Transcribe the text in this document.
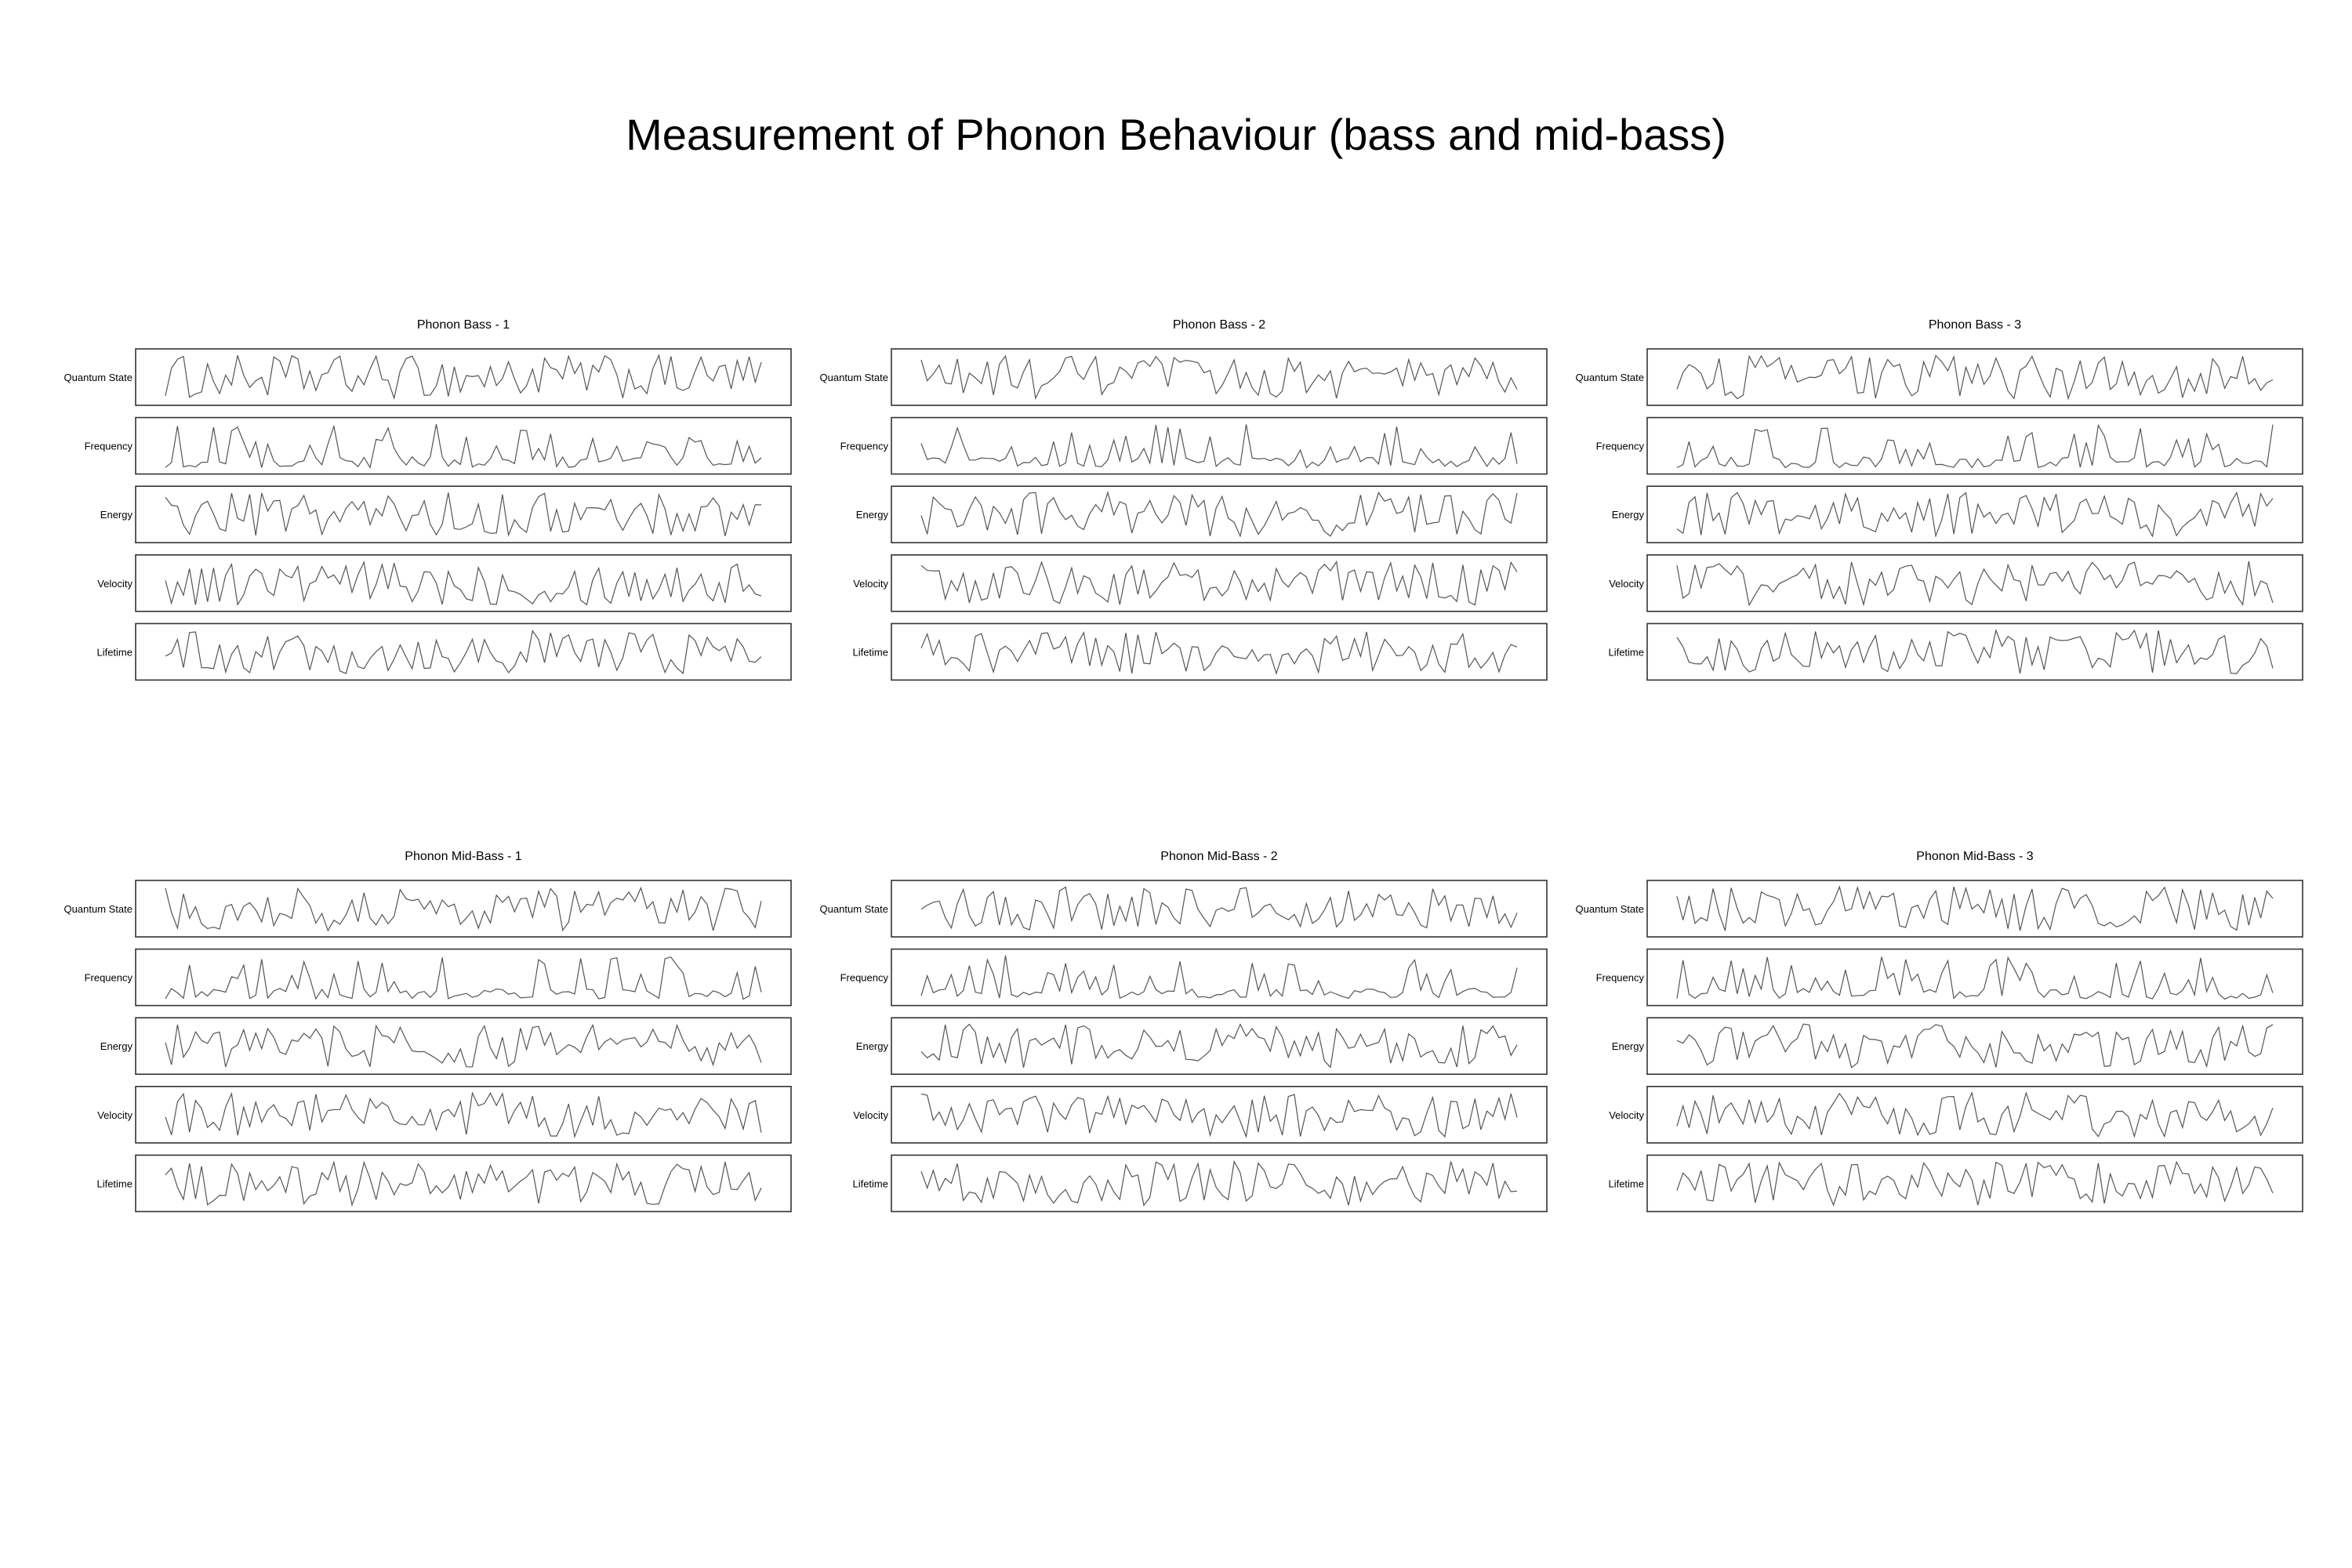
Measurement of Phonon Behaviour (bass and mid-bass)
Phonon Bass - 1
Quantum State
Frequency
Energy
Velocity
Lifetime
Phonon Bass - 2
Quantum State
Frequency
Energy
Velocity
Lifetime
Phonon Bass - 3
Quantum State
Frequency
Energy
Velocity
Lifetime
Phonon Mid-Bass - 1
Quantum State
Frequency
Energy
Velocity
Lifetime
Phonon Mid-Bass - 2
Quantum State
Frequency
Energy
Velocity
Lifetime
Phonon Mid-Bass - 3
Quantum State
Frequency
Energy
Velocity
Lifetime
